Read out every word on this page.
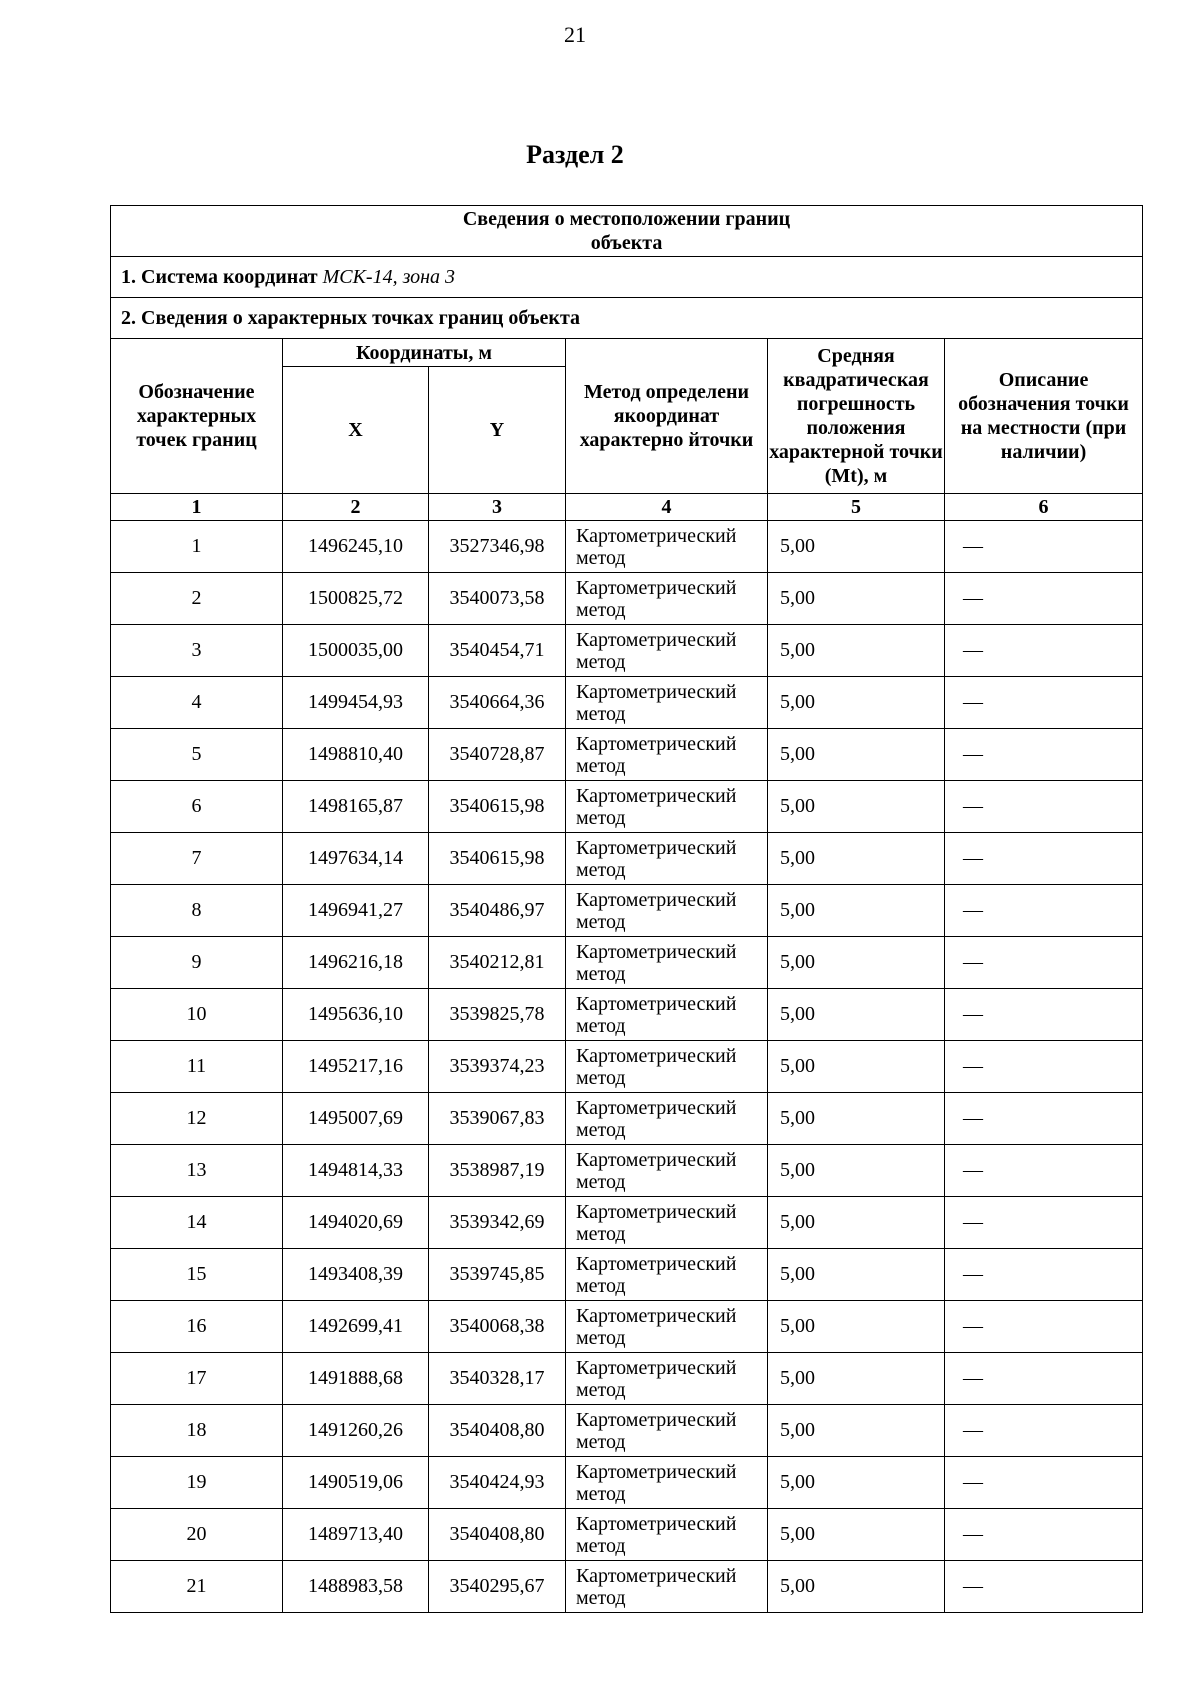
21
Раздел 2
Сведения о местоположении границ
объекта					

1. Система координат МСК-14, зона 3					
2. Сведения о характерных точках границ объекта					
Обозначение характерных точек границ	Координаты, м		Метод определени якоординат характерно йточки	Средняя квадратическая погрешность положения характерной точки (Mt), м	Описание обозначения точки на местности (при наличии)
	X	Y			
1	2	3	4	5	6
1	1496245,10	3527346,98	Картометрический метод	5,00	—
2	1500825,72	3540073,58	Картометрический метод	5,00	—
3	1500035,00	3540454,71	Картометрический метод	5,00	—
4	1499454,93	3540664,36	Картометрический метод	5,00	—
5	1498810,40	3540728,87	Картометрический метод	5,00	—
6	1498165,87	3540615,98	Картометрический метод	5,00	—
7	1497634,14	3540615,98	Картометрический метод	5,00	—
8	1496941,27	3540486,97	Картометрический метод	5,00	—
9	1496216,18	3540212,81	Картометрический метод	5,00	—
10	1495636,10	3539825,78	Картометрический метод	5,00	—
11	1495217,16	3539374,23	Картометрический метод	5,00	—
12	1495007,69	3539067,83	Картометрический метод	5,00	—
13	1494814,33	3538987,19	Картометрический метод	5,00	—
14	1494020,69	3539342,69	Картометрический метод	5,00	—
15	1493408,39	3539745,85	Картометрический метод	5,00	—
16	1492699,41	3540068,38	Картометрический метод	5,00	—
17	1491888,68	3540328,17	Картометрический метод	5,00	—
18	1491260,26	3540408,80	Картометрический метод	5,00	—
19	1490519,06	3540424,93	Картометрический метод	5,00	—
20	1489713,40	3540408,80	Картометрический метод	5,00	—
21	1488983,58	3540295,67	Картометрический метод	5,00	—
